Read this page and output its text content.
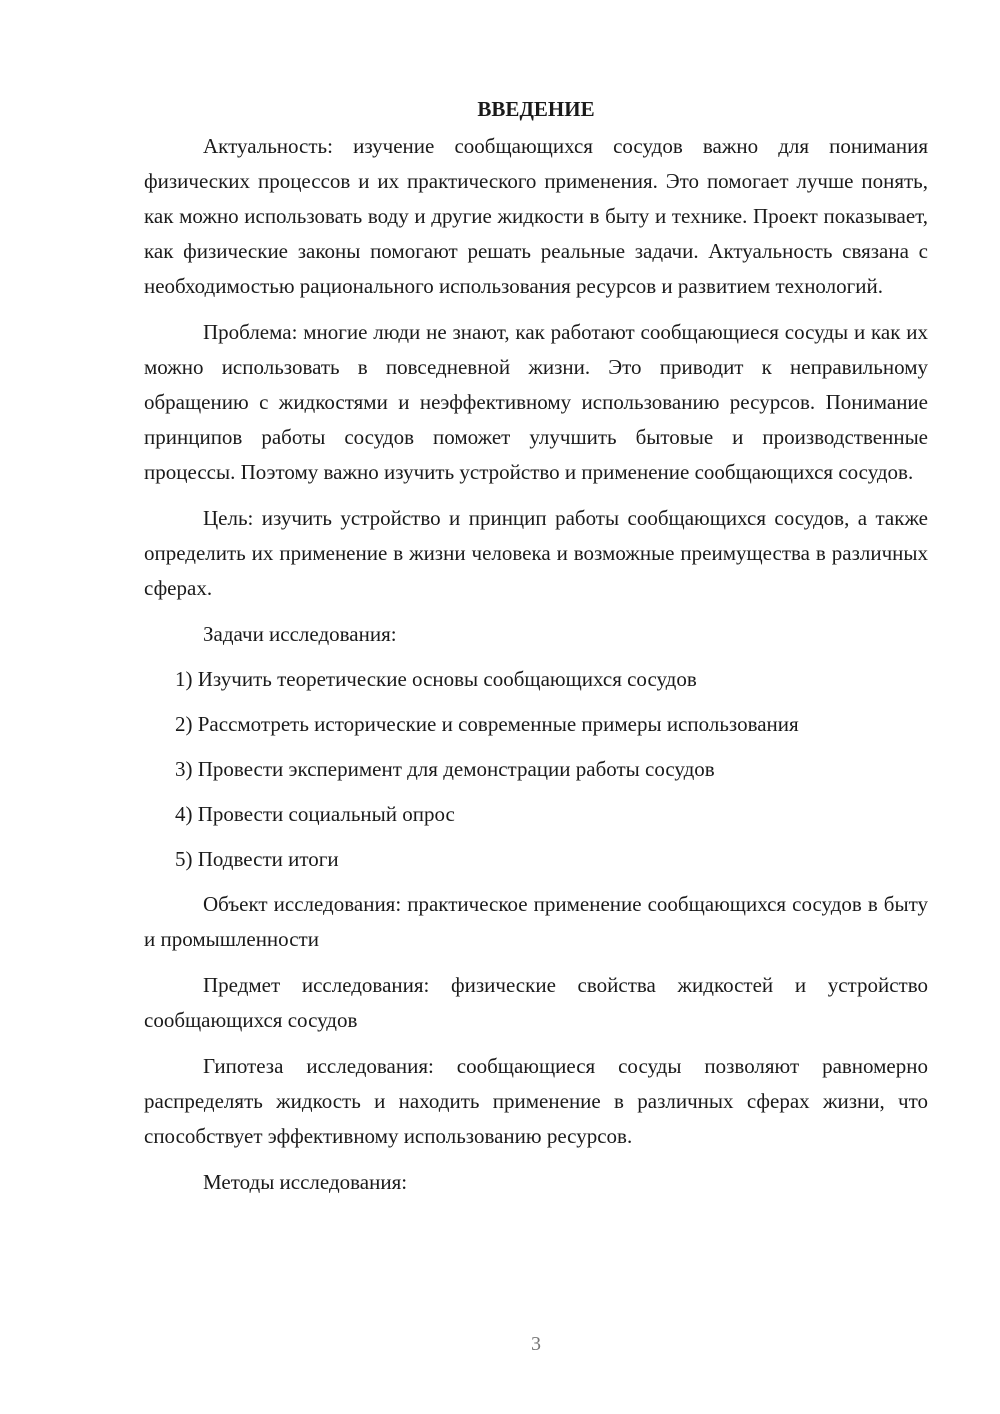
ВВЕДЕНИЕ

Актуальность: изучение сообщающихся сосудов важно для понимания физических процессов и их практического применения. Это помогает лучше понять, как можно использовать воду и другие жидкости в быту и технике. Проект показывает, как физические законы помогают решать реальные задачи. Актуальность связана с необходимостью рационального использования ресурсов и развитием технологий.

Проблема: многие люди не знают, как работают сообщающиеся сосуды и как их можно использовать в повседневной жизни. Это приводит к неправильному обращению с жидкостями и неэффективному использованию ресурсов. Понимание принципов работы сосудов поможет улучшить бытовые и производственные процессы. Поэтому важно изучить устройство и применение сообщающихся сосудов.

Цель: изучить устройство и принцип работы сообщающихся сосудов, а также определить их применение в жизни человека и возможные преимущества в различных сферах.

Задачи исследования:
1) Изучить теоретические основы сообщающихся сосудов
2) Рассмотреть исторические и современные примеры использования
3) Провести эксперимент для демонстрации работы сосудов
4) Провести социальный опрос
5) Подвести итоги

Объект исследования: практическое применение сообщающихся сосудов в быту и промышленности

Предмет исследования: физические свойства жидкостей и устройство сообщающихся сосудов

Гипотеза исследования: сообщающиеся сосуды позволяют равномерно распределять жидкость и находить применение в различных сферах жизни, что способствует эффективному использованию ресурсов.

Методы исследования:
3
